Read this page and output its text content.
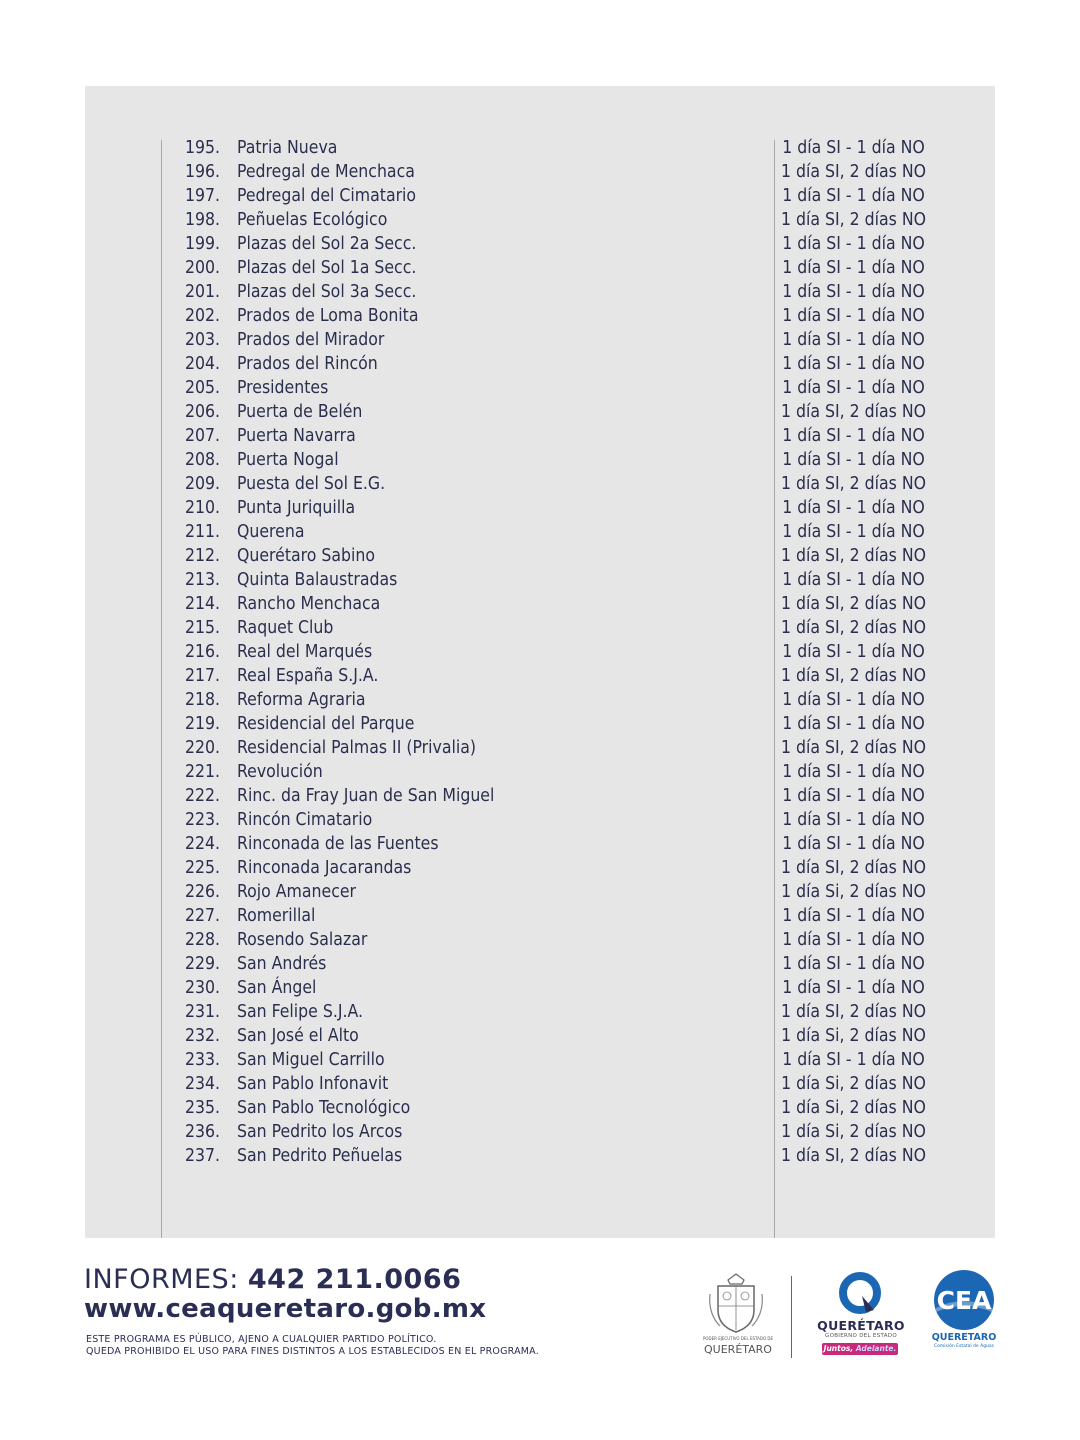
195. Patria Nueva	1 día SI - 1 día NO
196. Pedregal de Menchaca	1 día SI, 2 días NO
197. Pedregal del Cimatario	1 día SI - 1 día NO
198. Peñuelas Ecológico	1 día SI, 2 días NO
199. Plazas del Sol 2a Secc.	1 día SI - 1 día NO
200. Plazas del Sol 1a Secc.	1 día SI - 1 día NO
201. Plazas del Sol 3a Secc.	1 día SI - 1 día NO
202. Prados de Loma Bonita	1 día SI - 1 día NO
203. Prados del Mirador	1 día SI - 1 día NO
204. Prados del Rincón	1 día SI - 1 día NO
205. Presidentes	1 día SI - 1 día NO
206. Puerta de Belén	1 día SI, 2 días NO
207. Puerta Navarra	1 día SI - 1 día NO
208. Puerta Nogal	1 día SI - 1 día NO
209. Puesta del Sol E.G.	1 día SI, 2 días NO
210. Punta Juriquilla	1 día SI - 1 día NO
211. Querena	1 día SI - 1 día NO
212. Querétaro Sabino	1 día SI, 2 días NO
213. Quinta Balaustradas	1 día SI - 1 día NO
214. Rancho Menchaca	1 día SI, 2 días NO
215. Raquet Club	1 día SI, 2 días NO
216. Real del Marqués	1 día SI - 1 día NO
217. Real España S.J.A.	1 día SI, 2 días NO
218. Reforma Agraria	1 día SI - 1 día NO
219. Residencial del Parque	1 día SI - 1 día NO
220. Residencial Palmas II (Privalia)	1 día SI, 2 días NO
221. Revolución	1 día SI - 1 día NO
222. Rinc. da Fray Juan de San Miguel	1 día SI - 1 día NO
223. Rincón Cimatario	1 día SI - 1 día NO
224. Rinconada de las Fuentes	1 día SI - 1 día NO
225. Rinconada Jacarandas	1 día SI, 2 días NO
226. Rojo Amanecer	1 día Si, 2 días NO
227. Romerillal	1 día SI - 1 día NO
228. Rosendo Salazar	1 día SI - 1 día NO
229. San Andrés	1 día SI - 1 día NO
230. San Ángel	1 día SI - 1 día NO
231. San Felipe S.J.A.	1 día SI, 2 días NO
232. San José el Alto	1 día Si, 2 días NO
233. San Miguel Carrillo	1 día SI - 1 día NO
234. San Pablo Infonavit	1 día Si, 2 días NO
235. San Pablo Tecnológico	1 día Si, 2 días NO
236. San Pedrito los Arcos	1 día Si, 2 días NO
237. San Pedrito Peñuelas	1 día SI, 2 días NO
INFORMES: 442 211.0066
www.ceaqueretaro.gob.mx
ESTE PROGRAMA ES PÚBLICO, AJENO A CUALQUIER PARTIDO POLÍTICO.
QUEDA PROHIBIDO EL USO PARA FINES DISTINTOS A LOS ESTABLECIDOS EN EL PROGRAMA.
PODER EJECUTIVO DEL ESTADO DE
QUERÉTARO
QUERÉTARO
GOBIERNO DEL ESTADO
Juntos, Adelante.
CEA
QUERETARO
Comisión Estatal de Aguas
